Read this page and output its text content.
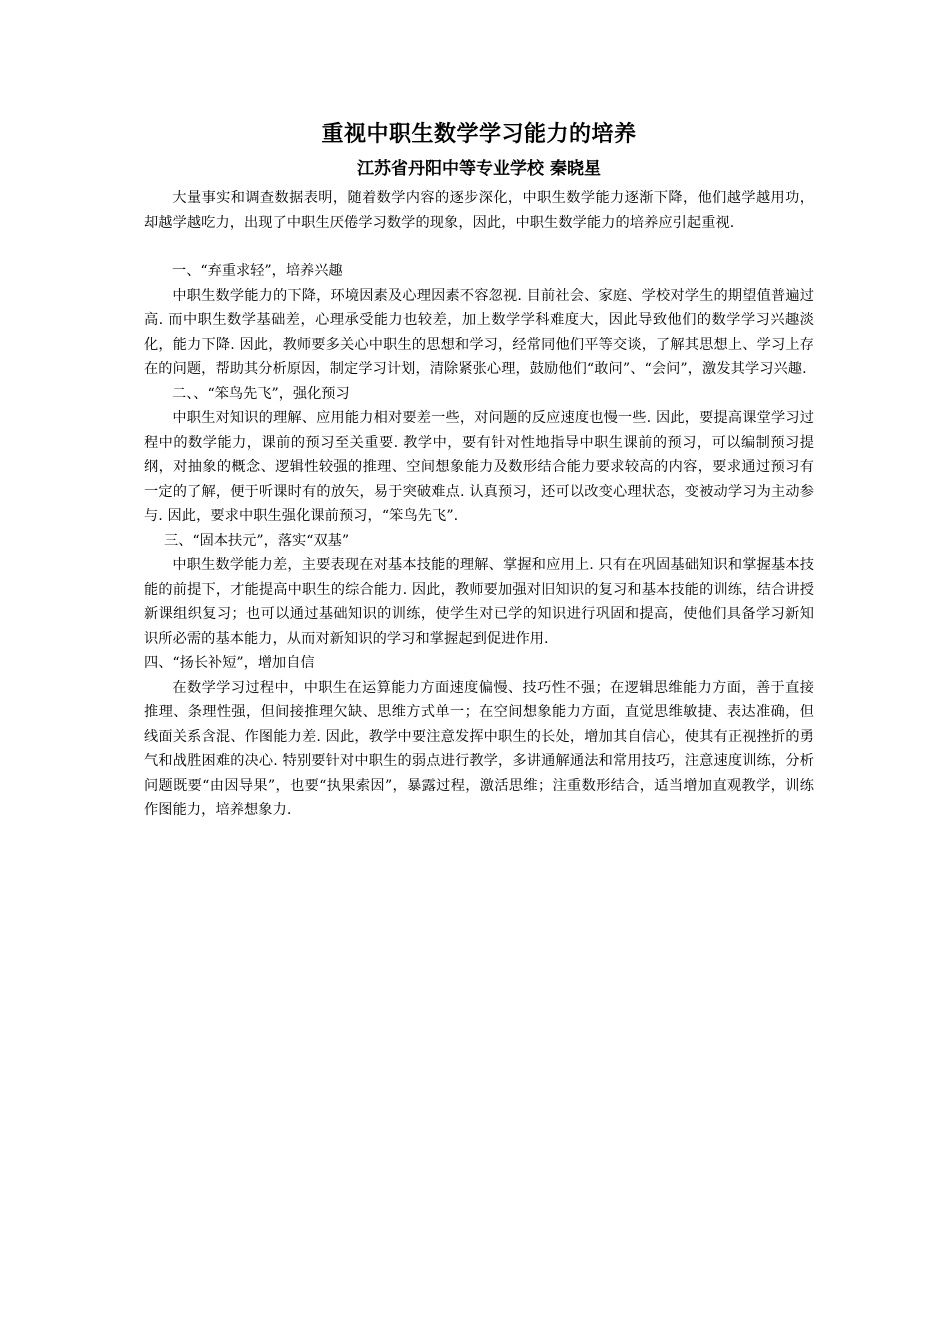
重视中职生数学学习能力的培养
江苏省丹阳中等专业学校 秦晓星

大量事实和调查数据表明，随着数学内容的逐步深化，中职生数学能力逐渐下降，他们越学越用功，却越学越吃力，出现了中职生厌倦学习数学的现象，因此，中职生数学能力的培养应引起重视.

一、“弃重求轻”，培养兴趣

中职生数学能力的下降，环境因素及心理因素不容忽视. 目前社会、家庭、学校对学生的期望值普遍过高. 而中职生数学基础差，心理承受能力也较差，加上数学学科难度大，因此导致他们的数学学习兴趣淡化，能力下降. 因此，教师要多关心中职生的思想和学习，经常同他们平等交谈，了解其思想上、学习上存在的问题，帮助其分析原因，制定学习计划，清除紧张心理，鼓励他们“敢问”、“会问”，激发其学习兴趣.

二、、“笨鸟先飞”，强化预习

中职生对知识的理解、应用能力相对要差一些，对问题的反应速度也慢一些. 因此，要提高课堂学习过程中的数学能力，课前的预习至关重要. 教学中，要有针对性地指导中职生课前的预习，可以编制预习提纲，对抽象的概念、逻辑性较强的推理、空间想象能力及数形结合能力要求较高的内容，要求通过预习有一定的了解，便于听课时有的放矢，易于突破难点. 认真预习，还可以改变心理状态，变被动学习为主动参与. 因此，要求中职生强化课前预习，“笨鸟先飞”.

三、“固本扶元”，落实“双基”

中职生数学能力差，主要表现在对基本技能的理解、掌握和应用上. 只有在巩固基础知识和掌握基本技能的前提下，才能提高中职生的综合能力. 因此，教师要加强对旧知识的复习和基本技能的训练，结合讲授新课组织复习；也可以通过基础知识的训练，使学生对已学的知识进行巩固和提高，使他们具备学习新知识所必需的基本能力，从而对新知识的学习和掌握起到促进作用.

四、“扬长补短”，增加自信

在数学学习过程中，中职生在运算能力方面速度偏慢、技巧性不强；在逻辑思维能力方面，善于直接推理、条理性强，但间接推理欠缺、思维方式单一；在空间想象能力方面，直觉思维敏捷、表达准确，但线面关系含混、作图能力差. 因此，教学中要注意发挥中职生的长处，增加其自信心，使其有正视挫折的勇气和战胜困难的决心. 特别要针对中职生的弱点进行教学，多讲通解通法和常用技巧，注意速度训练，分析问题既要“由因导果”，也要“执果索因”，暴露过程，激活思维；注重数形结合，适当增加直观教学，训练作图能力，培养想象力.
